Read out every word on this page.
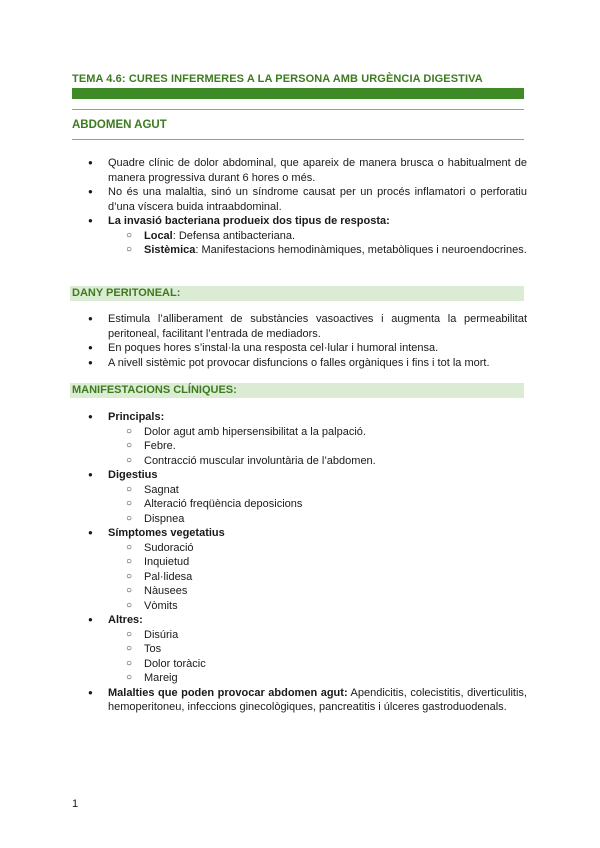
TEMA 4.6: CURES INFERMERES A LA PERSONA AMB URGÈNCIA DIGESTIVA
ABDOMEN AGUT
● Quadre clínic de dolor abdominal, que apareix de manera brusca o habitualment de manera progressiva durant 6 hores o més.
● No és una malaltia, sinó un síndrome causat per un procés inflamatori o perforatiu d’una víscera buida intraabdominal.
● La invasió bacteriana produeix dos tipus de resposta:
○ Local: Defensa antibacteriana.
○ Sistèmica: Manifestacions hemodinàmiques, metabòliques i neuroendocrines.
DANY PERITONEAL:
● Estimula l’alliberament de substàncies vasoactives i augmenta la permeabilitat peritoneal, facilitant l’entrada de mediadors.
● En poques hores s’instal·la una resposta cel·lular i humoral intensa.
● A nivell sistèmic pot provocar disfuncions o falles orgàniques i fins i tot la mort.
MANIFESTACIONS CLÍNIQUES:
● Principals:
○ Dolor agut amb hipersensibilitat a la palpació.
○ Febre.
○ Contracció muscular involuntària de l’abdomen.
● Digestius
○ Sagnat
○ Alteració freqüència deposicions
○ Dispnea
● Símptomes vegetatius
○ Sudoració
○ Inquietud
○ Pal·lidesa
○ Nàusees
○ Vòmits
● Altres:
○ Disúria
○ Tos
○ Dolor toràcic
○ Mareig
● Malalties que poden provocar abdomen agut: Apendicitis, colecistitis, diverticulitis, hemoperitoneu, infeccions ginecològiques, pancreatitis i úlceres gastroduodenals.
1
